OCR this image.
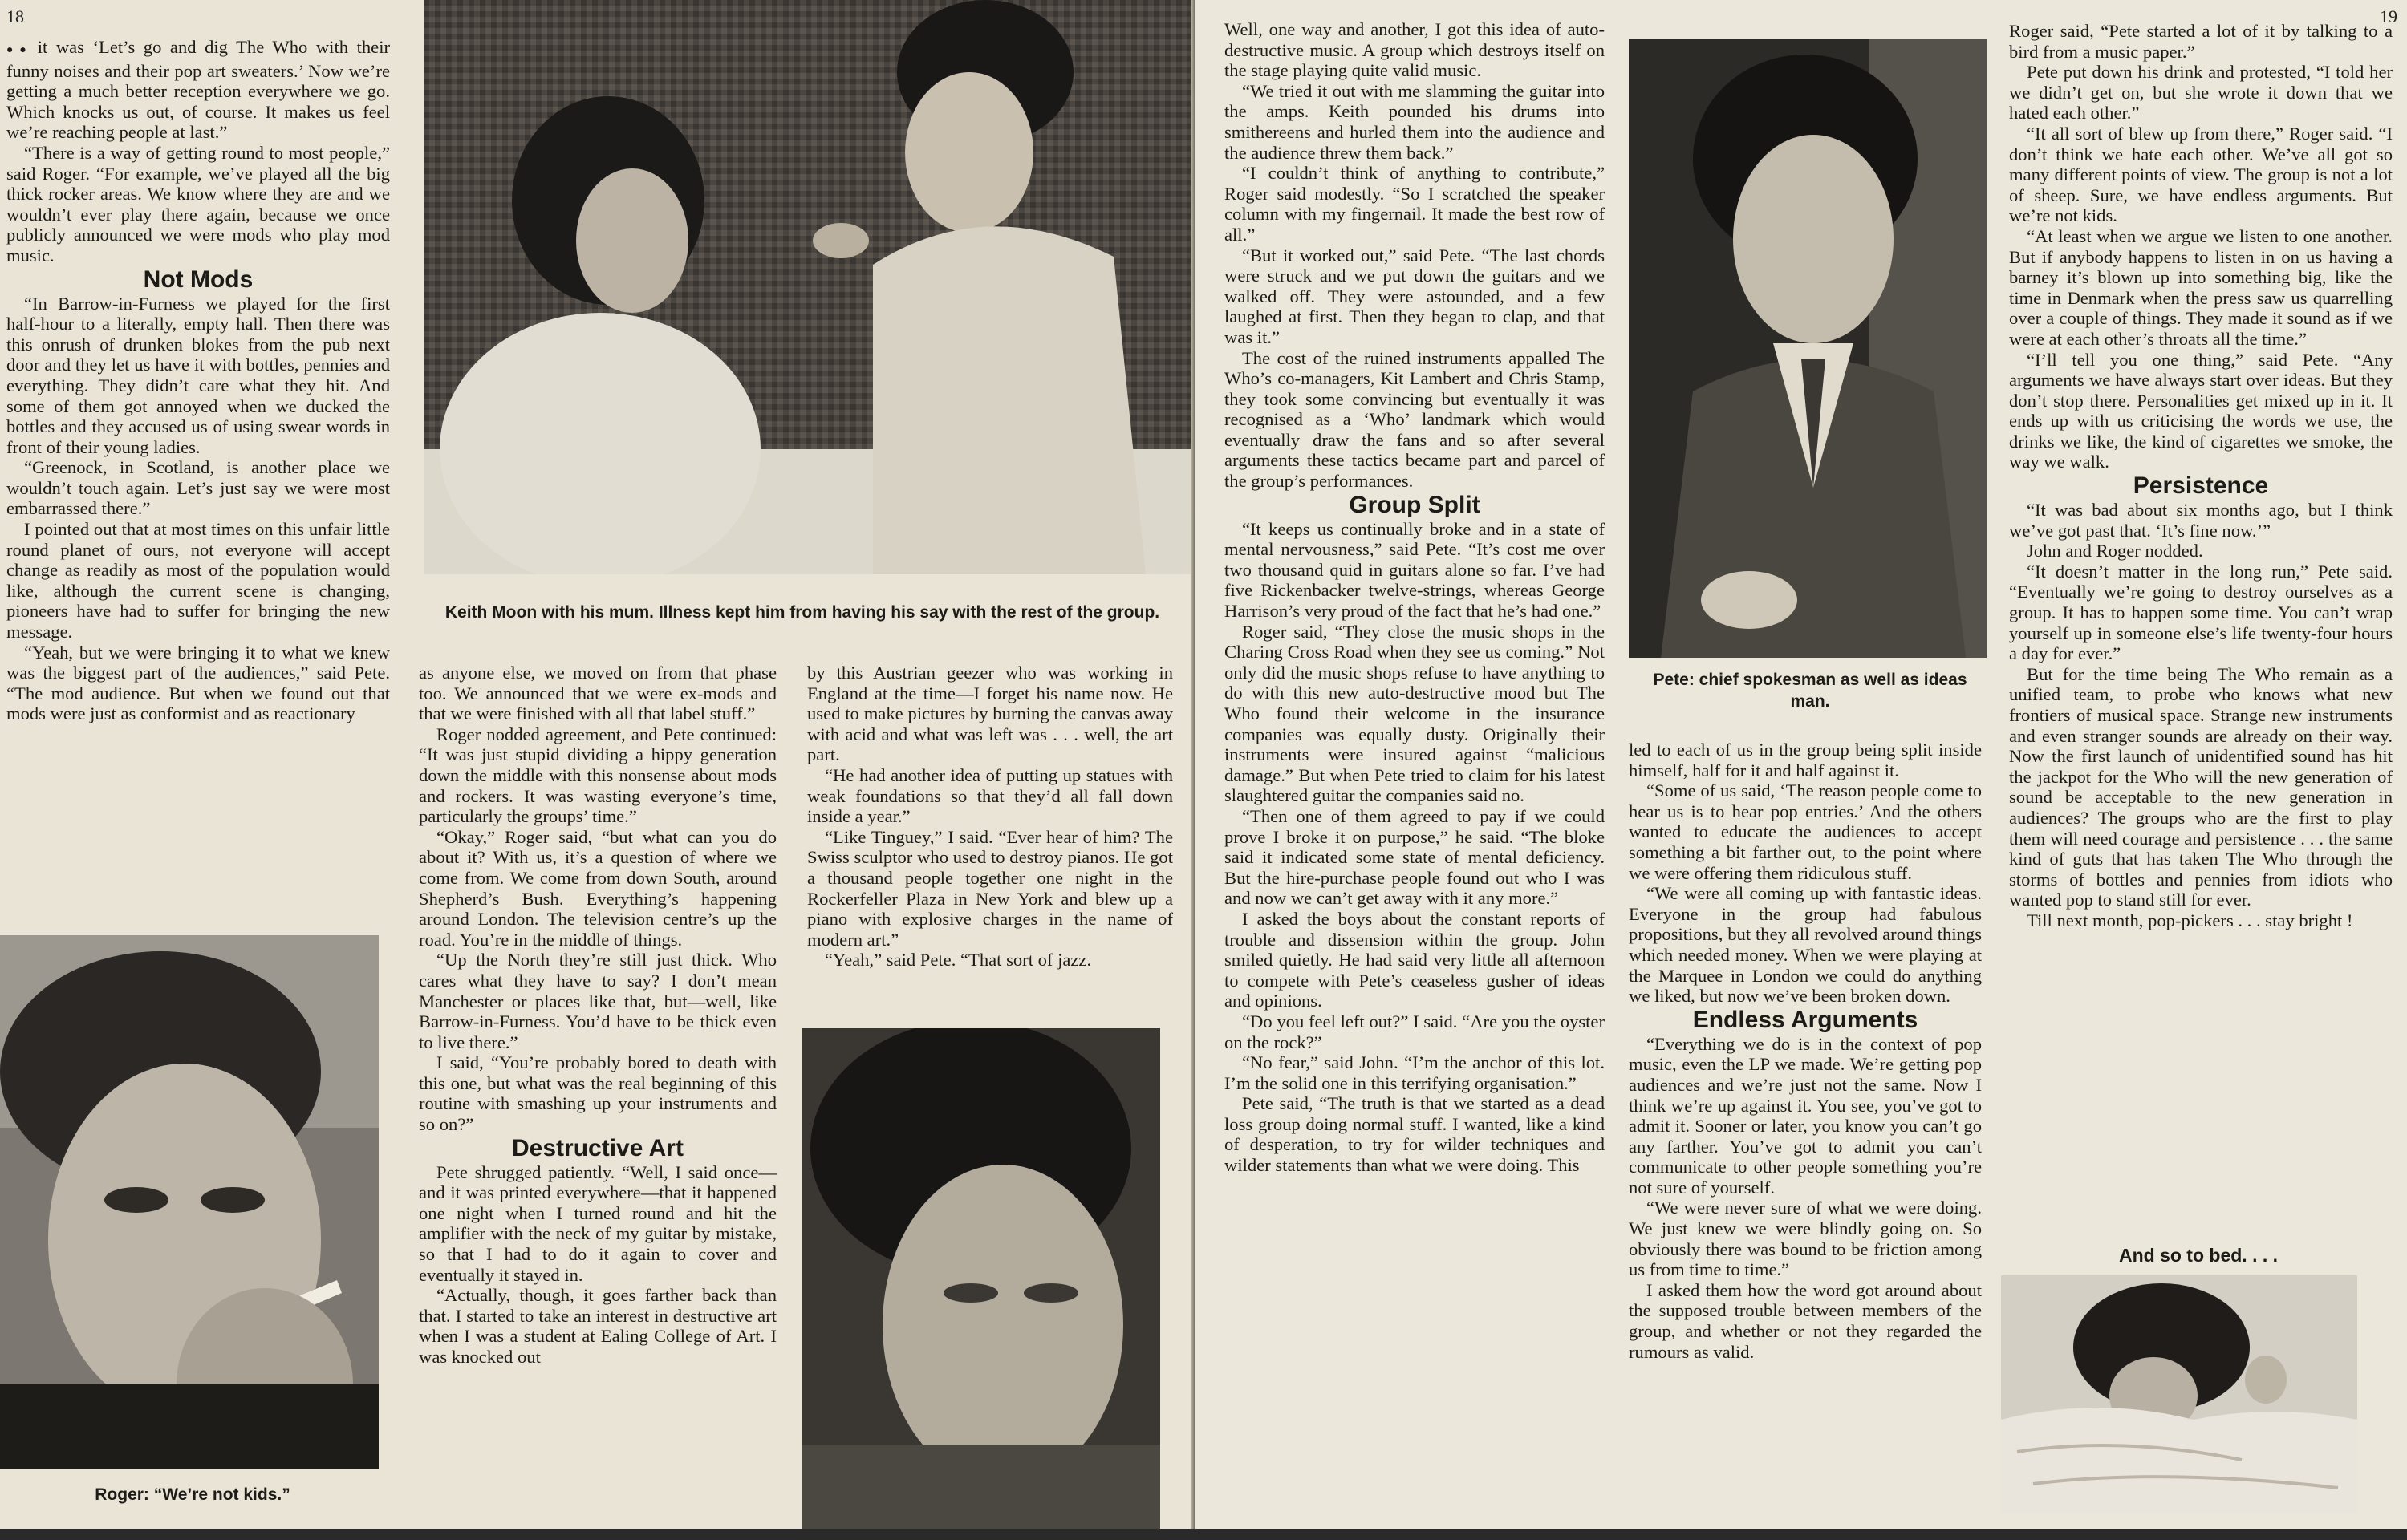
18

●● it was ‘Let’s go and dig The Who with their funny noises and their pop art sweaters.’ Now we’re getting a much better reception everywhere we go. Which knocks us out, of course. It makes us feel we’re reaching people at last.”

“There is a way of getting round to most people,” said Roger. “For example, we’ve played all the big thick rocker areas. We know where they are and we wouldn’t ever play there again, because we once publicly announced we were mods who play mod music.

Not Mods

“In Barrow-in-Furness we played for the first half-hour to a literally, empty hall. Then there was this onrush of drunken blokes from the pub next door and they let us have it with bottles, pennies and everything. They didn’t care what they hit. And some of them got annoyed when we ducked the bottles and they accused us of using swear words in front of their young ladies.

“Greenock, in Scotland, is another place we wouldn’t touch again. Let’s just say we were most embarrassed there.”

I pointed out that at most times on this unfair little round planet of ours, not everyone will accept change as readily as most of the population would like, although the current scene is changing, pioneers have had to suffer for bringing the new message.

“Yeah, but we were bringing it to what we knew was the biggest part of the audiences,” said Pete. “The mod audience. But when we found out that mods were just as conformist and as reactionary

Keith Moon with his mum. Illness kept him from having his say with the rest of the group.

as anyone else, we moved on from that phase too. We announced that we were ex-mods and that we were finished with all that label stuff.”

Roger nodded agreement, and Pete continued: “It was just stupid dividing a hippy generation down the middle with this nonsense about mods and rockers. It was wasting everyone’s time, particularly the groups’ time.”

“Okay,” Roger said, “but what can you do about it? With us, it’s a question of where we come from. We come from down South, around Shepherd’s Bush. Everything’s happening around London. The television centre’s up the road. You’re in the middle of things.

“Up the North they’re still just thick. Who cares what they have to say? I don’t mean Manchester or places like that, but—well, like Barrow-in-Furness. You’d have to be thick even to live there.”

I said, “You’re probably bored to death with this one, but what was the real beginning of this routine with smashing up your instruments and so on?”

Destructive Art

Pete shrugged patiently. “Well, I said once—and it was printed everywhere—that it happened one night when I turned round and hit the amplifier with the neck of my guitar by mistake, so that I had to do it again to cover and eventually it stayed in.

“Actually, though, it goes farther back than that. I started to take an interest in destructive art when I was a student at Ealing College of Art. I was knocked out

by this Austrian geezer who was working in England at the time—I forget his name now. He used to make pictures by burning the canvas away with acid and what was left was . . . well, the art part.

“He had another idea of putting up statues with weak foundations so that they’d all fall down inside a year.”

“Like Tinguey,” I said. “Ever hear of him? The Swiss sculptor who used to destroy pianos. He got a thousand people together one night in the Rockerfeller Plaza in New York and blew up a piano with explosive charges in the name of modern art.”

“Yeah,” said Pete. “That sort of jazz.

Roger: “We’re not kids.”
19

Well, one way and another, I got this idea of auto-destructive music. A group which destroys itself on the stage playing quite valid music.

“We tried it out with me slamming the guitar into the amps. Keith pounded his drums into smithereens and hurled them into the audience and the audience threw them back.”

“I couldn’t think of anything to contribute,” Roger said modestly. “So I scratched the speaker column with my fingernail. It made the best row of all.”

“But it worked out,” said Pete. “The last chords were struck and we put down the guitars and we walked off. They were astounded, and a few laughed at first. Then they began to clap, and that was it.”

The cost of the ruined instruments appalled The Who’s co-managers, Kit Lambert and Chris Stamp, they took some convincing but eventually it was recognised as a ‘Who’ landmark which would eventually draw the fans and so after several arguments these tactics became part and parcel of the group’s performances.

Group Split

“It keeps us continually broke and in a state of mental nervousness,” said Pete. “It’s cost me over two thousand quid in guitars alone so far. I’ve had five Rickenbacker twelve-strings, whereas George Harrison’s very proud of the fact that he’s had one.”

Roger said, “They close the music shops in the Charing Cross Road when they see us coming.” Not only did the music shops refuse to have anything to do with this new auto-destructive mood but The Who found their welcome in the insurance companies was equally dusty. Originally their instruments were insured against “malicious damage.” But when Pete tried to claim for his latest slaughtered guitar the companies said no.

“Then one of them agreed to pay if we could prove I broke it on purpose,” he said. “The bloke said it indicated some state of mental deficiency. But the hire-purchase people found out who I was and now we can’t get away with it any more.”

I asked the boys about the constant reports of trouble and dissension within the group. John smiled quietly. He had said very little all afternoon to compete with Pete’s ceaseless gusher of ideas and opinions.

“Do you feel left out?” I said. “Are you the oyster on the rock?”

“No fear,” said John. “I’m the anchor of this lot. I’m the solid one in this terrifying organisation.”

Pete said, “The truth is that we started as a dead loss group doing normal stuff. I wanted, like a kind of desperation, to try for wilder techniques and wilder statements than what we were doing. This

Pete: chief spokesman as well as ideas man.

led to each of us in the group being split inside himself, half for it and half against it.

“Some of us said, ‘The reason people come to hear us is to hear pop entries.’ And the others wanted to educate the audiences to accept something a bit farther out, to the point where we were offering them ridiculous stuff.

“We were all coming up with fantastic ideas. Everyone in the group had fabulous propositions, but they all revolved around things which needed money. When we were playing at the Marquee in London we could do anything we liked, but now we’ve been broken down.

Endless Arguments

“Everything we do is in the context of pop music, even the LP we made. We’re getting pop audiences and we’re just not the same. Now I think we’re up against it. You see, you’ve got to admit it. Sooner or later, you know you can’t go any farther. You’ve got to admit you can’t communicate to other people something you’re not sure of yourself.

“We were never sure of what we were doing. We just knew we were blindly going on. So obviously there was bound to be friction among us from time to time.”

I asked them how the word got around about the supposed trouble between members of the group, and whether or not they regarded the rumours as valid.

Roger said, “Pete started a lot of it by talking to a bird from a music paper.”

Pete put down his drink and protested, “I told her we didn’t get on, but she wrote it down that we hated each other.”

“It all sort of blew up from there,” Roger said. “I don’t think we hate each other. We’ve all got so many different points of view. The group is not a lot of sheep. Sure, we have endless arguments. But we’re not kids.

“At least when we argue we listen to one another. But if anybody happens to listen in on us having a barney it’s blown up into something big, like the time in Denmark when the press saw us quarrelling over a couple of things. They made it sound as if we were at each other’s throats all the time.”

“I’ll tell you one thing,” said Pete. “Any arguments we have always start over ideas. But they don’t stop there. Personalities get mixed up in it. It ends up with us criticising the words we use, the drinks we like, the kind of cigarettes we smoke, the way we walk.

Persistence

“It was bad about six months ago, but I think we’ve got past that. ‘It’s fine now.’”

John and Roger nodded.

“It doesn’t matter in the long run,” Pete said. “Eventually we’re going to destroy ourselves as a group. It has to happen some time. You can’t wrap yourself up in someone else’s life twenty-four hours a day for ever.”

But for the time being The Who remain as a unified team, to probe who knows what new frontiers of musical space. Strange new instruments and even stranger sounds are already on their way. Now the first launch of unidentified sound has hit the jackpot for the Who will the new generation of sound be acceptable to the new generation in audiences? The groups who are the first to play them will need courage and persistence . . . the same kind of guts that has taken The Who through the storms of bottles and pennies from idiots who wanted pop to stand still for ever.

Till next month, pop-pickers . . . stay bright !

And so to bed. . . .
